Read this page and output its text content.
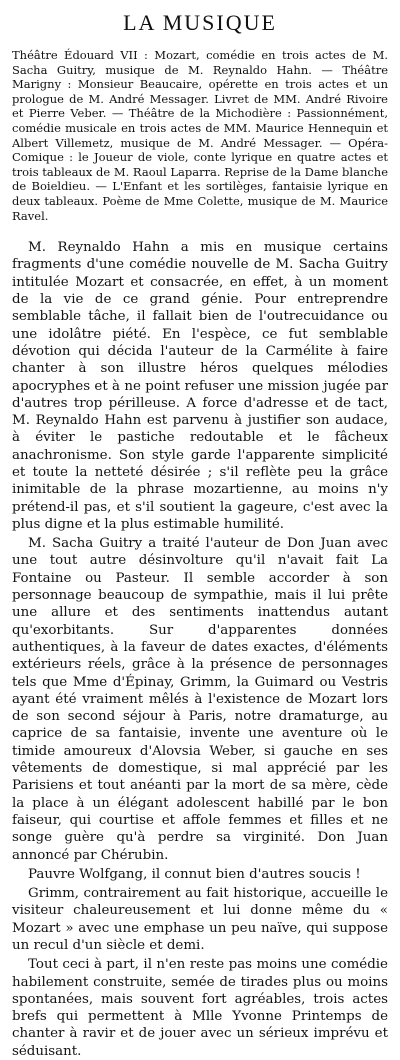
LA MUSIQUE

Théâtre Édouard VII : Mozart, comédie en trois actes de M. Sacha Guitry, musique de M. Reynaldo Hahn. — Théâtre Marigny : Monsieur Beaucaire, opérette en trois actes et un prologue de M. André Messager. Livret de MM. André Rivoire et Pierre Veber. — Théâtre de la Michodière : Passionnément, comédie musicale en trois actes de MM. Maurice Hennequin et Albert Villemetz, musique de M. André Messager. — Opéra-Comique : le Joueur de viole, conte lyrique en quatre actes et trois tableaux de M. Raoul Laparra. Reprise de la Dame blanche de Boieldieu. — L'Enfant et les sortilèges, fantaisie lyrique en deux tableaux. Poème de Mme Colette, musique de M. Maurice Ravel.

M. Reynaldo Hahn a mis en musique certains fragments d'une comédie nouvelle de M. Sacha Guitry intitulée Mozart et consacrée, en effet, à un moment de la vie de ce grand génie. Pour entreprendre semblable tâche, il fallait bien de l'outrecuidance ou une idolâtre piété. En l'espèce, ce fut semblable dévotion qui décida l'auteur de la Carmélite à faire chanter à son illustre héros quelques mélodies apocryphes et à ne point refuser une mission jugée par d'autres trop périlleuse. A force d'adresse et de tact, M. Reynaldo Hahn est parvenu à justifier son audace, à éviter le pastiche redoutable et le fâcheux anachronisme. Son style garde l'apparente simplicité et toute la netteté désirée ; s'il reflète peu la grâce inimitable de la phrase mozartienne, au moins n'y prétend-il pas, et s'il soutient la gageure, c'est avec la plus digne et la plus estimable humilité.

M. Sacha Guitry a traité l'auteur de Don Juan avec une tout autre désinvolture qu'il n'avait fait La Fontaine ou Pasteur. Il semble accorder à son personnage beaucoup de sympathie, mais il lui prête une allure et des sentiments inattendus autant qu'exorbitants. Sur d'apparentes données authentiques, à la faveur de dates exactes, d'éléments extérieurs réels, grâce à la présence de personnages tels que Mme d'Épinay, Grimm, la Guimard ou Vestris ayant été vraiment mêlés à l'existence de Mozart lors de son second séjour à Paris, notre dramaturge, au caprice de sa fantaisie, invente une aventure où le timide amoureux d'Alovsia Weber, si gauche en ses vêtements de domestique, si mal apprécié par les Parisiens et tout anéanti par la mort de sa mère, cède la place à un élégant adolescent habillé par le bon faiseur, qui courtise et affole femmes et filles et ne songe guère qu'à perdre sa virginité. Don Juan annoncé par Chérubin.

Pauvre Wolfgang, il connut bien d'autres soucis !

Grimm, contrairement au fait historique, accueille le visiteur chaleureusement et lui donne même du « Mozart » avec une emphase un peu naïve, qui suppose un recul d'un siècle et demi.

Tout ceci à part, il n'en reste pas moins une comédie habilement construite, semée de tirades plus ou moins spontanées, mais souvent fort agréables, trois actes brefs qui permettent à Mlle Yvonne Printemps de chanter à ravir et de jouer avec un sérieux imprévu et séduisant.
